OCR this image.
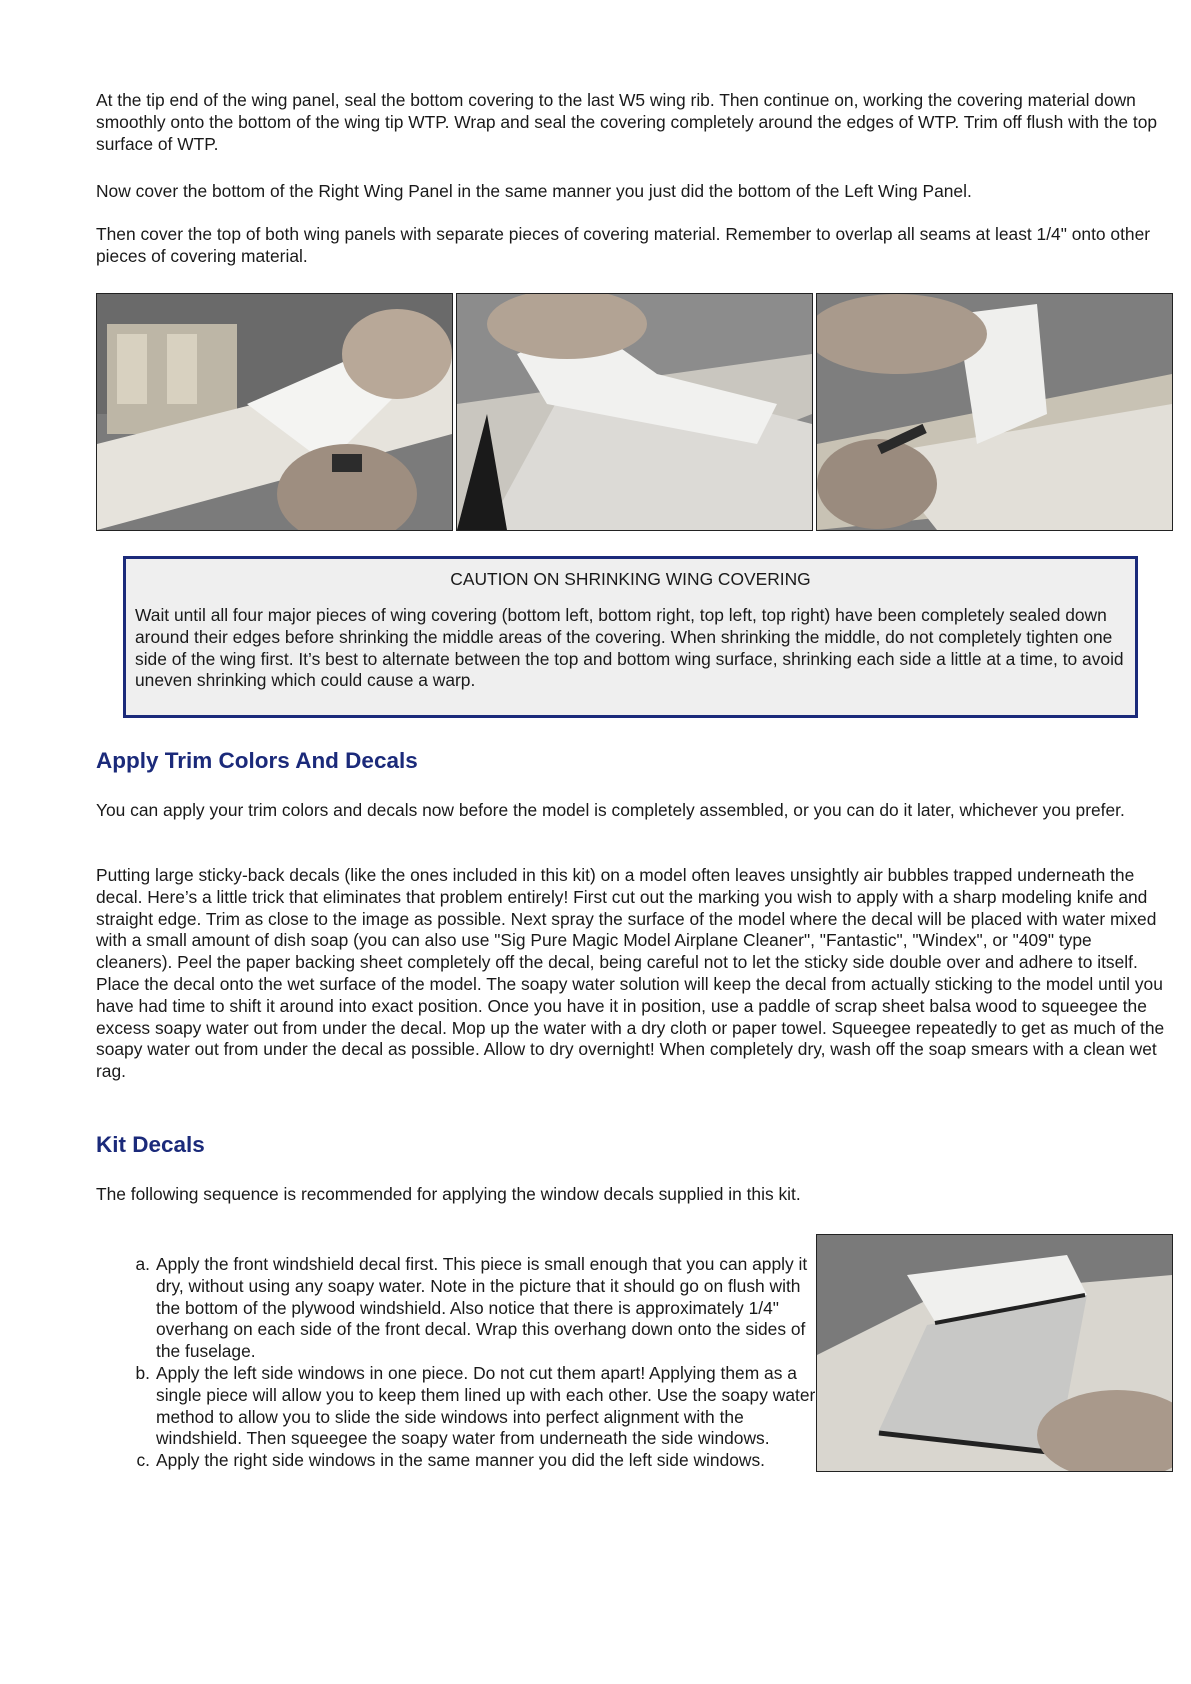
At the tip end of the wing panel, seal the bottom covering to the last W5 wing rib. Then continue on, working the covering material down smoothly onto the bottom of the wing tip WTP. Wrap and seal the covering completely around the edges of WTP. Trim off flush with the top surface of WTP.

Now cover the bottom of the Right Wing Panel in the same manner you just did the bottom of the Left Wing Panel.

Then cover the top of both wing panels with separate pieces of covering material. Remember to overlap all seams at least 1/4" onto other pieces of covering material.

CAUTION ON SHRINKING WING COVERING
Wait until all four major pieces of wing covering (bottom left, bottom right, top left, top right) have been completely sealed down around their edges before shrinking the middle areas of the covering. When shrinking the middle, do not completely tighten one side of the wing first. It’s best to alternate between the top and bottom wing surface, shrinking each side a little at a time, to avoid uneven shrinking which could cause a warp.
Apply Trim Colors And Decals

You can apply your trim colors and decals now before the model is completely assembled, or you can do it later, whichever you prefer.

Putting large sticky-back decals (like the ones included in this kit) on a model often leaves unsightly air bubbles trapped underneath the decal. Here’s a little trick that eliminates that problem entirely! First cut out the marking you wish to apply with a sharp modeling knife and straight edge. Trim as close to the image as possible. Next spray the surface of the model where the decal will be placed with water mixed with a small amount of dish soap (you can also use "Sig Pure Magic Model Airplane Cleaner", "Fantastic", "Windex", or "409" type cleaners). Peel the paper backing sheet completely off the decal, being careful not to let the sticky side double over and adhere to itself. Place the decal onto the wet surface of the model. The soapy water solution will keep the decal from actually sticking to the model until you have had time to shift it around into exact position. Once you have it in position, use a paddle of scrap sheet balsa wood to squeegee the excess soapy water out from under the decal. Mop up the water with a dry cloth or paper towel. Squeegee repeatedly to get as much of the soapy water out from under the decal as possible. Allow to dry overnight! When completely dry, wash off the soap smears with a clean wet rag.

Kit Decals

The following sequence is recommended for applying the window decals supplied in this kit.

a. Apply the front windshield decal first. This piece is small enough that you can apply it dry, without using any soapy water. Note in the picture that it should go on flush with the bottom of the plywood windshield. Also notice that there is approximately 1/4" overhang on each side of the front decal. Wrap this overhang down onto the sides of the fuselage.
b. Apply the left side windows in one piece. Do not cut them apart! Applying them as a single piece will allow you to keep them lined up with each other. Use the soapy water method to allow you to slide the side windows into perfect alignment with the windshield. Then squeegee the soapy water from underneath the side windows.
c. Apply the right side windows in the same manner you did the left side windows.
